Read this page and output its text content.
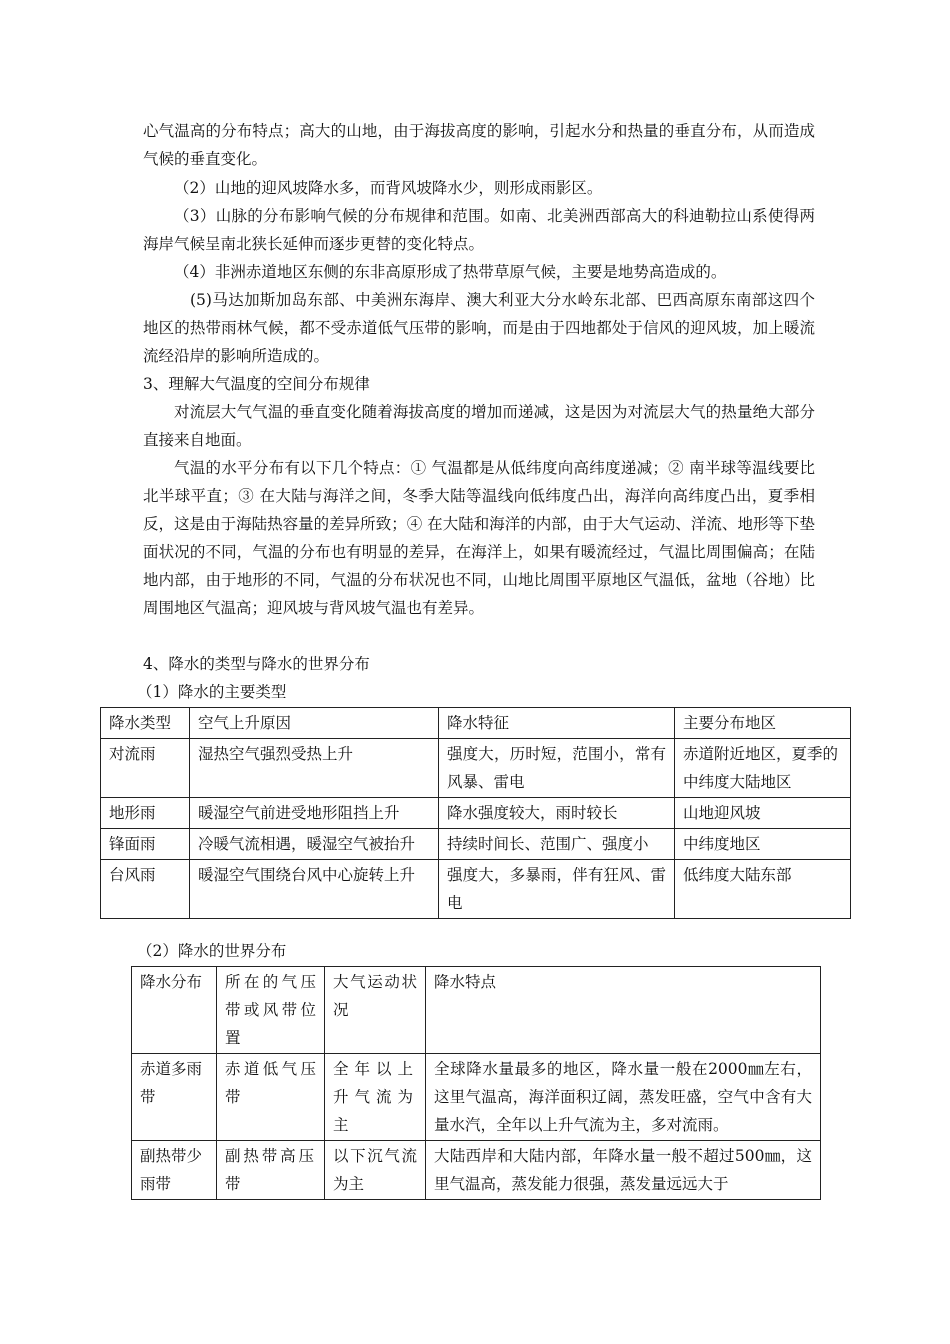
心气温高的分布特点；高大的山地，由于海拔高度的影响，引起水分和热量的垂直分布，从而造成气候的垂直变化。

（2）山地的迎风坡降水多，而背风坡降水少，则形成雨影区。

（3）山脉的分布影响气候的分布规律和范围。如南、北美洲西部高大的科迪勒拉山系使得两海岸气候呈南北狭长延伸而逐步更替的变化特点。

（4）非洲赤道地区东侧的东非高原形成了热带草原气候，主要是地势高造成的。

(5)马达加斯加岛东部、中美洲东海岸、澳大利亚大分水岭东北部、巴西高原东南部这四个地区的热带雨林气候，都不受赤道低气压带的影响，而是由于四地都处于信风的迎风坡，加上暖流流经沿岸的影响所造成的。

3、理解大气温度的空间分布规律

对流层大气气温的垂直变化随着海拔高度的增加而递减，这是因为对流层大气的热量绝大部分直接来自地面。

气温的水平分布有以下几个特点：① 气温都是从低纬度向高纬度递减；② 南半球等温线要比北半球平直；③ 在大陆与海洋之间，冬季大陆等温线向低纬度凸出，海洋向高纬度凸出，夏季相反，这是由于海陆热容量的差异所致；④ 在大陆和海洋的内部，由于大气运动、洋流、地形等下垫面状况的不同，气温的分布也有明显的差异，在海洋上，如果有暖流经过，气温比周围偏高；在陆地内部，由于地形的不同，气温的分布状况也不同，山地比周围平原地区气温低，盆地（谷地）比周围地区气温高；迎风坡与背风坡气温也有差异。

4、降水的类型与降水的世界分布

（1）降水的主要类型

降水类型	空气上升原因	降水特征	主要分布地区
对流雨	湿热空气强烈受热上升	强度大，历时短，范围小，常有风暴、雷电	赤道附近地区，夏季的中纬度大陆地区
地形雨	暖湿空气前进受地形阻挡上升	降水强度较大，雨时较长	山地迎风坡
锋面雨	冷暖气流相遇，暖湿空气被抬升	持续时间长、范围广、强度小	中纬度地区
台风雨	暖湿空气围绕台风中心旋转上升	强度大，多暴雨，伴有狂风、雷电	低纬度大陆东部

（2）降水的世界分布

降水分布	所在的气压带或风带位置	大气运动状况	降水特点
赤道多雨带	赤道低气压带	全年以上升气流为主	全球降水量最多的地区，降水量一般在2000㎜左右，这里气温高，海洋面积辽阔，蒸发旺盛，空气中含有大量水汽，全年以上升气流为主，多对流雨。
副热带少雨带	副热带高压带	以下沉气流为主	大陆西岸和大陆内部，年降水量一般不超过500㎜，这里气温高，蒸发能力很强，蒸发量远远大于
